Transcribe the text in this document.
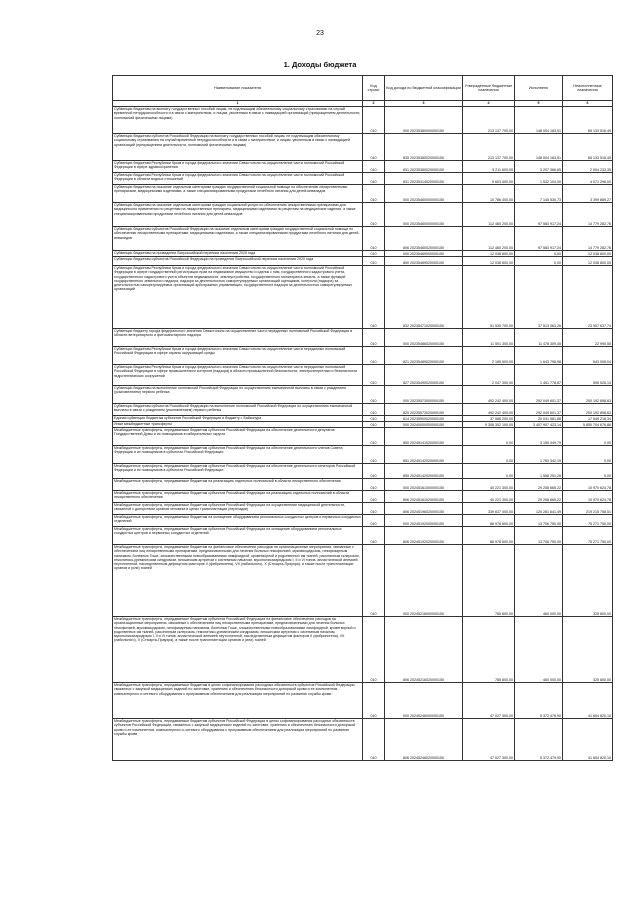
23
1. Доходы бюджета
Наименование показателя	Код строки	Код дохода по бюджетной классификации	Утвержденные бюджетные назначения	Исполнено	Неисполненные назначения
1	2	3	4	5	6
Субвенции бюджетам на выплату государственных пособий лицам, не подлежащим обязательному социальному страхованию на случай временной нетрудоспособности и в связи с материнством, и лицам, уволенным в связи с ликвидацией организаций (прекращением деятельности, полномочий физическими лицами)	010	000 20235380000000150	213 137 700,00	148 004 183,51	65 133 516,49
Субвенции бюджетам субъектов Российской Федерации на выплату государственных пособий лицам, не подлежащим обязательному социальному страхованию на случай временной нетрудоспособности и в связи с материнством, и лицам, уволенным в связи с ликвидацией организаций (прекращением деятельности, полномочий физическими лицами)	010	835 20235380020000150	213 137 700,00	148 004 183,51	65 133 516,49
Субвенции бюджетам Республики Крым и города федерального значения Севастополя на осуществление части полномочий Российской Федерации в сфере здравоохранения	010	831 20235380020000150	5 211 600,00	3 207 366,65	2 004 233,35
Субвенции бюджетам Республики Крым и города федерального значения Севастополя на осуществление части полномочий Российской Федерации в области водных отношений	010	831 20235414020000150	5 603 400,00	1 532 104,00	4 071 296,00
Субвенции бюджетам на оказание отдельным категориям граждан государственной социальной помощи по обеспечению лекарственными препаратами, медицинскими изделиями, а также специализированными продуктами лечебного питания для детей-инвалидов	010	000 20235460000000150	10 786 400,00	7 145 530,73	3 399 889,27
Субвенции бюджетам на оказание отдельным категориям граждан социальной услуги по обеспечению лекарственными препаратами для медицинского применения по рецептам на лекарственные препараты, медицинскими изделиями по рецептам на медицинские изделия, а также специализированными продуктами лечебного питания для детей-инвалидов	010	000 20235460000000150	112 460 200,00	97 583 917,24	14 779 282,76
Субвенции бюджетам субъектов Российской Федерации на оказание отдельным категориям граждан государственной социальной помощи по обеспечению лекарственными препаратами, медицинскими изделиями, а также специализированными продуктами лечебного питания для детей-инвалидов	010	806 20235460020000150	112 460 200,00	97 583 917,24	14 779 282,76
Субвенции бюджетам на проведение Всероссийской переписи населения 2020 года	010	000 20235469000000150	12 038 800,00	0,00	12 038 800,00
Субвенции бюджетам субъектов Российской Федерации на проведение Всероссийской переписи населения 2020 года	010	850 20235469020000150	12 038 800,00	0,00	12 038 800,00
Субвенции бюджетам Республики Крым и города федерального значения Севастополя на осуществление части полномочий Российской Федерации в сфере государственной регистрации прав на недвижимое имущество и сделок с ним, государственного кадастрового учета, государственного кадастрового учета объектов недвижимости, землеустройства, государственного мониторинга земель, а также функций государственного земельного надзора, надзора за деятельностью саморегулируемых организаций оценщиков, контроля (надзора) за деятельностью саморегулируемых организаций арбитражных управляющих, государственного надзора за деятельностью саморегулируемых организаций	010	832 20235471020000150	51 530 700,00	37 513 063,26	23 957 637,74
Субвенции бюджету города федерального значения Севастополя на осуществление части переданных полномочий Российской Федерации в области ветеринарного и фитосанитарного надзора	010	000 20235486020000150	11 501 300,00	11 478 309,45	22 990,55
Субвенции бюджетам Республики Крым и города федерального значения Севастополя на осуществление части переданных полномочий Российской Федерации в сфере охраны окружающей среды	010	821 20235489020000150	2 185 500,00	1 643 796,98	543 006,04
Субвенции бюджетам Республики Крым и города федерального значения Севастополя на осуществление части переданных полномочий Российской Федерации в сфере промышленного контроля (надзора) в области промышленной безопасности, электроэнергетики и безопасности гидротехнических сооружений	010	827 20235490020000150	2 047 300,00	1 451 778,87	595 526,13
Субвенции бюджетам на выполнение полномочий Российской Федерации по осуществлению ежемесячной выплаты в связи с рождением (усыновлением) первого ребенка	010	000 20235573000000150	492 242 400,00	292 049 601,37	200 192 898,63
Субвенции бюджетам субъектов Российской Федерации на выполнение полномочий Российской Федерации по осуществлению ежемесячной выплаты в связи с рождением (усыновлением) первого ребенка	010	820 20235573020000150	492 242 400,00	292 049 601,37	200 192 898,63
Единая субвенция бюджетам субъектов Российской Федерации и бюджету г. Байконура	010	814 20235900020000150	37 586 200,00	20 041 581,88	17 549 218,34
Иные межбюджетные трансферты	010	000 20240000000000150	9 308 302 100,00	3 407 907 423,14	5 850 704 676,86
Межбюджетные трансферты, передаваемые бюджетам субъектов Российской Федерации на обеспечение деятельности депутатов Государственной Думы и их помощников в избирательных округах	010	850 20245141020000150	0,00	3 150 449,79	0,00
Межбюджетные трансферты, передаваемые бюджетам субъектов Российской Федерации на обеспечение деятельности членов Совета Федерации и их помощников в субъектах Российской Федерации	010	851 20245142020000150	0,00	1 763 342,19	0,00
Межбюджетные трансферты, передаваемые бюджетам субъектов Российской Федерации на обеспечение деятельности сенаторов Российской Федерации и их помощников в субъектах Российской Федерации	010	855 20245142020000150	0,00	1 558 251,28	0,00
Межбюджетные трансферты, передаваемые бюджетам на реализацию отдельных полномочий в области лекарственного обеспечения	010	000 20245161000000150	40 221 300,00	29 258 665,22	10 970 624,78
Межбюджетные трансферты, передаваемые бюджетам субъектов Российской Федерации на реализацию отдельных полномочий в области лекарственного обеспечения	010	806 20245161020000150	40 221 300,00	29 258 665,22	10 970 624,78
Межбюджетные трансферты, передаваемые бюджетам субъектов Российской Федерации на осуществление медицинской деятельности, связанной с донорством органов человека в целях трансплантации (пересадки)	010	806 20245196020000150	339 637 400,00	120 281 641,49	219 215 758,51
Межбюджетные трансферты, передаваемые бюджетам на оснащение оборудованием региональных сосудистых центров и первичных сосудистых отделений	010	000 20245192000000150	88 978 600,00	13 706 750,00	75 271 750,00
Межбюджетные трансферты, передаваемые бюджетам субъектов Российской Федерации на оснащение оборудованием региональных сосудистых центров и первичных сосудистых отделений	010	806 20245192020000150	88 978 600,00	13 706 750,00	75 271 750,00
Межбюджетные трансферты, передаваемые бюджетам на финансовое обеспечение расходов на организационные мероприятия, связанные с обеспечением лиц лекарственными препаратами, предназначенными для лечения больных гемофилией, муковисцидозом, гипофизарным нанизмом, болезнью Гоше, злокачественными новообразованиями лимфоидной, кроветворной и родственных им тканей, рассеянным склерозом, гемолитико-уремическим синдромом, юношеским артритом с системным началом, мукополисахаридозом I, II и VI типов, апластической анемией неуточненной, наследственным дефицитом факторов II (фибриногена), VII (лабильного), X (Стюарта-Прауэра), а также после трансплантации органов и (или) тканей	010	000 20245216000000150	785 800,00	460 000,00	325 800,00
Межбюджетные трансферты, передаваемые бюджетам субъектов Российской Федерации на финансовое обеспечение расходов на организационные мероприятия, связанные с обеспечением лиц лекарственными препаратами, предназначенными для лечения больных гемофилией, муковисцидозом, гипофизарным нанизмом, болезнью Гоше, злокачественными новообразованиями лимфоидной, кроветворной и родственных им тканей, рассеянным склерозом, гемолитико-уремическим синдромом, юношеским артритом с системным началом, мукополисахаридозом I, II и VI типов, апластической анемией неуточненной, наследственным дефицитом факторов II (фибриногена), VII (лабильного), X (Стюарта-Прауэра), а также после трансплантации органов и (или) тканей	010	806 20245216020000150	785 800,00	460 000,00	325 800,00
Межбюджетные трансферты, передаваемые бюджетам в целях софинансирования расходных обязательств субъектов Российской Федерации, связанных с закупкой медицинских изделий по заготовке, хранению и обеспечению безопасности донорской крови и ее компонентов, компьютерного и сетевого оборудования с программным обеспечением для реализации мероприятий по развитию службы крови	010	000 20245246000000150	47 027 300,00	5 372 478,90	41 654 820,10
Межбюджетные трансферты, передаваемые бюджетам субъектов Российской Федерации в целях софинансирования расходных обязательств субъектов Российской Федерации, связанных с закупкой медицинских изделий по заготовке, хранению и обеспечению безопасности донорской крови и ее компонентов, компьютерного и сетевого оборудования с программным обеспечением для реализации мероприятий по развитию службы крови	010	806 20245246020000150	47 027 300,00	5 372 479,90	41 654 820,10
